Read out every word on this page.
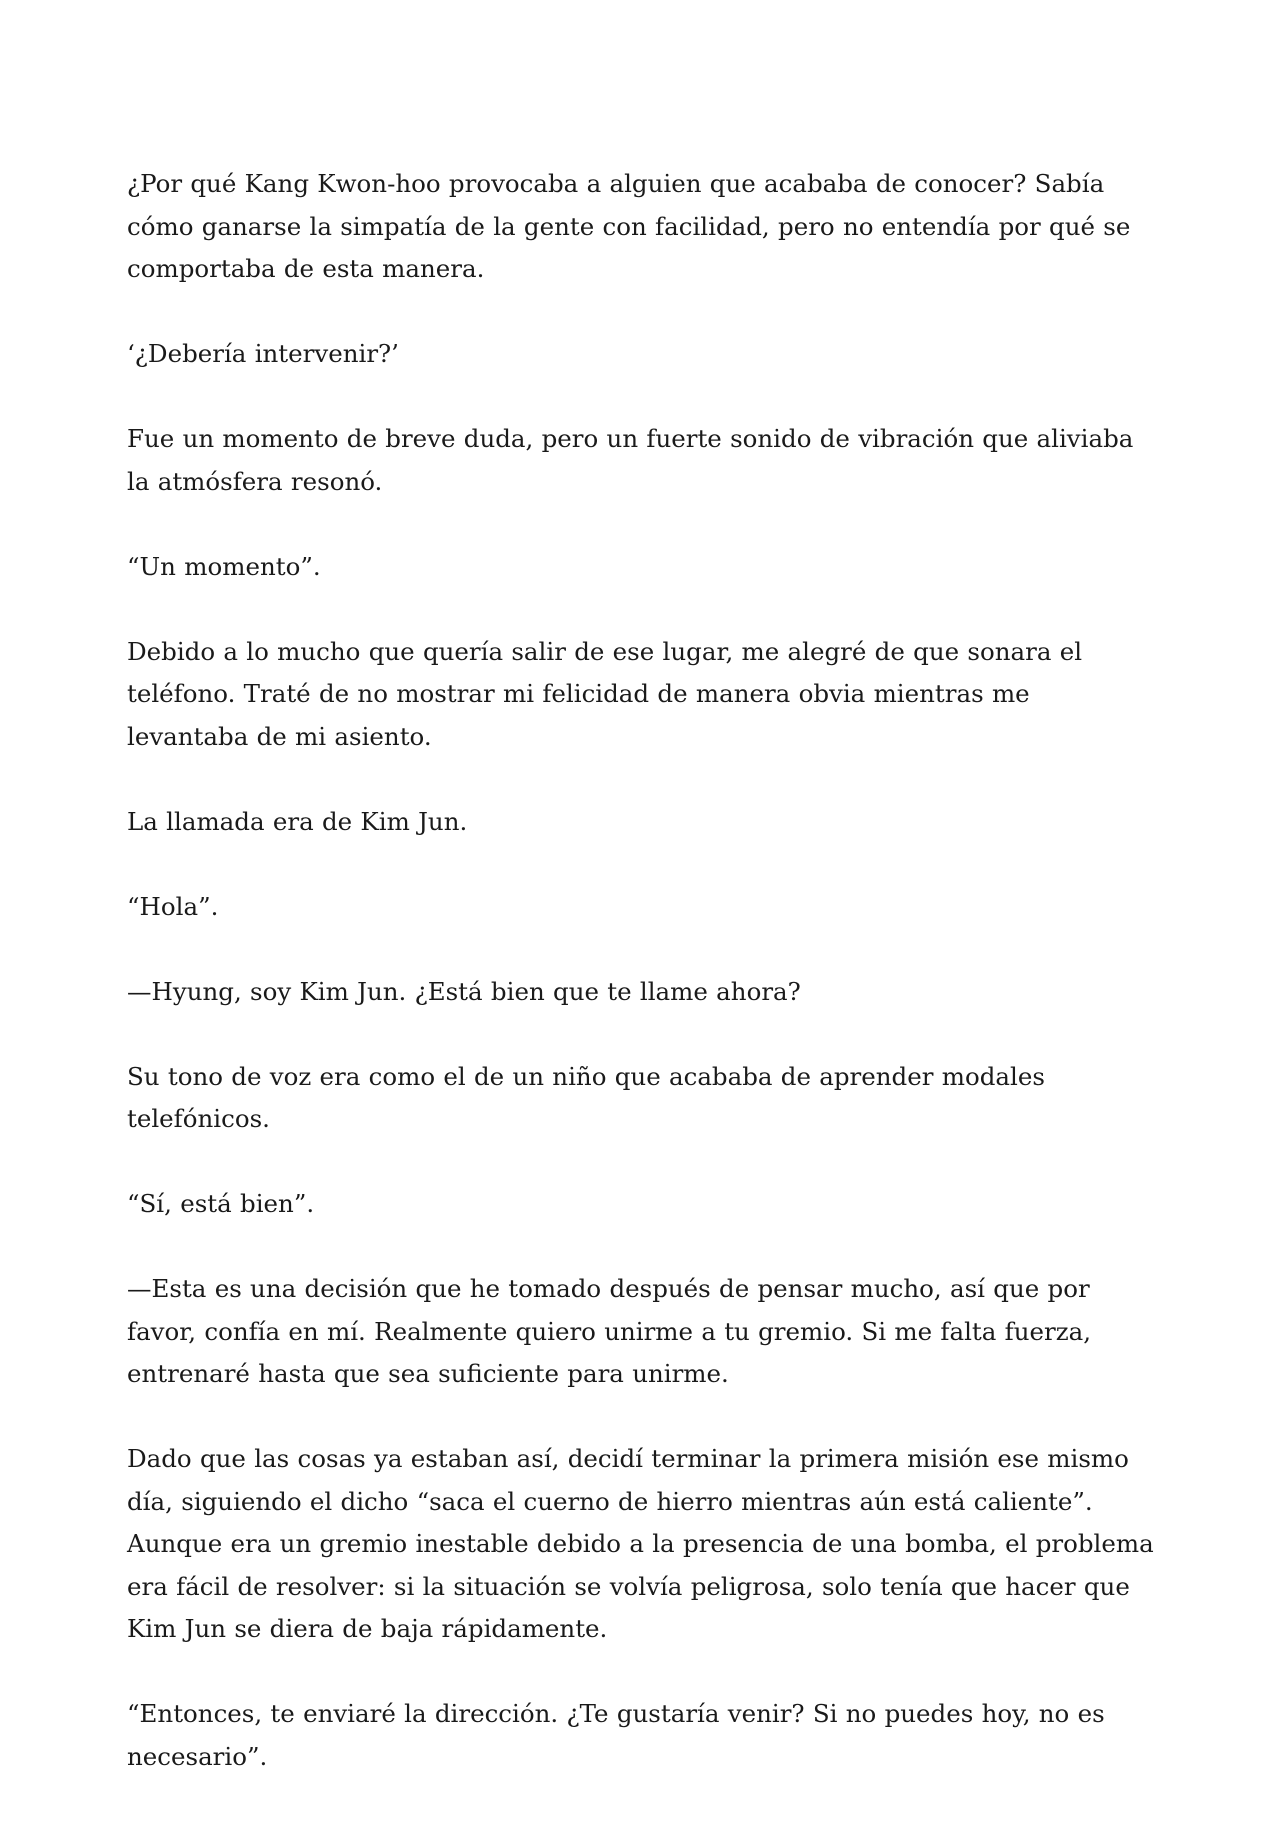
¿Por qué Kang Kwon-hoo provocaba a alguien que acababa de conocer? Sabía cómo ganarse la simpatía de la gente con facilidad, pero no entendía por qué se comportaba de esta manera.

‘¿Debería intervenir?’

Fue un momento de breve duda, pero un fuerte sonido de vibración que aliviaba la atmósfera resonó.

“Un momento”.

Debido a lo mucho que quería salir de ese lugar, me alegré de que sonara el teléfono. Traté de no mostrar mi felicidad de manera obvia mientras me levantaba de mi asiento.

La llamada era de Kim Jun.

“Hola”.

—Hyung, soy Kim Jun. ¿Está bien que te llame ahora?

Su tono de voz era como el de un niño que acababa de aprender modales telefónicos.

“Sí, está bien”.

—Esta es una decisión que he tomado después de pensar mucho, así que por favor, confía en mí. Realmente quiero unirme a tu gremio. Si me falta fuerza, entrenaré hasta que sea suficiente para unirme.

Dado que las cosas ya estaban así, decidí terminar la primera misión ese mismo día, siguiendo el dicho “saca el cuerno de hierro mientras aún está caliente”. Aunque era un gremio inestable debido a la presencia de una bomba, el problema era fácil de resolver: si la situación se volvía peligrosa, solo tenía que hacer que Kim Jun se diera de baja rápidamente.

“Entonces, te enviaré la dirección. ¿Te gustaría venir? Si no puedes hoy, no es necesario”.
